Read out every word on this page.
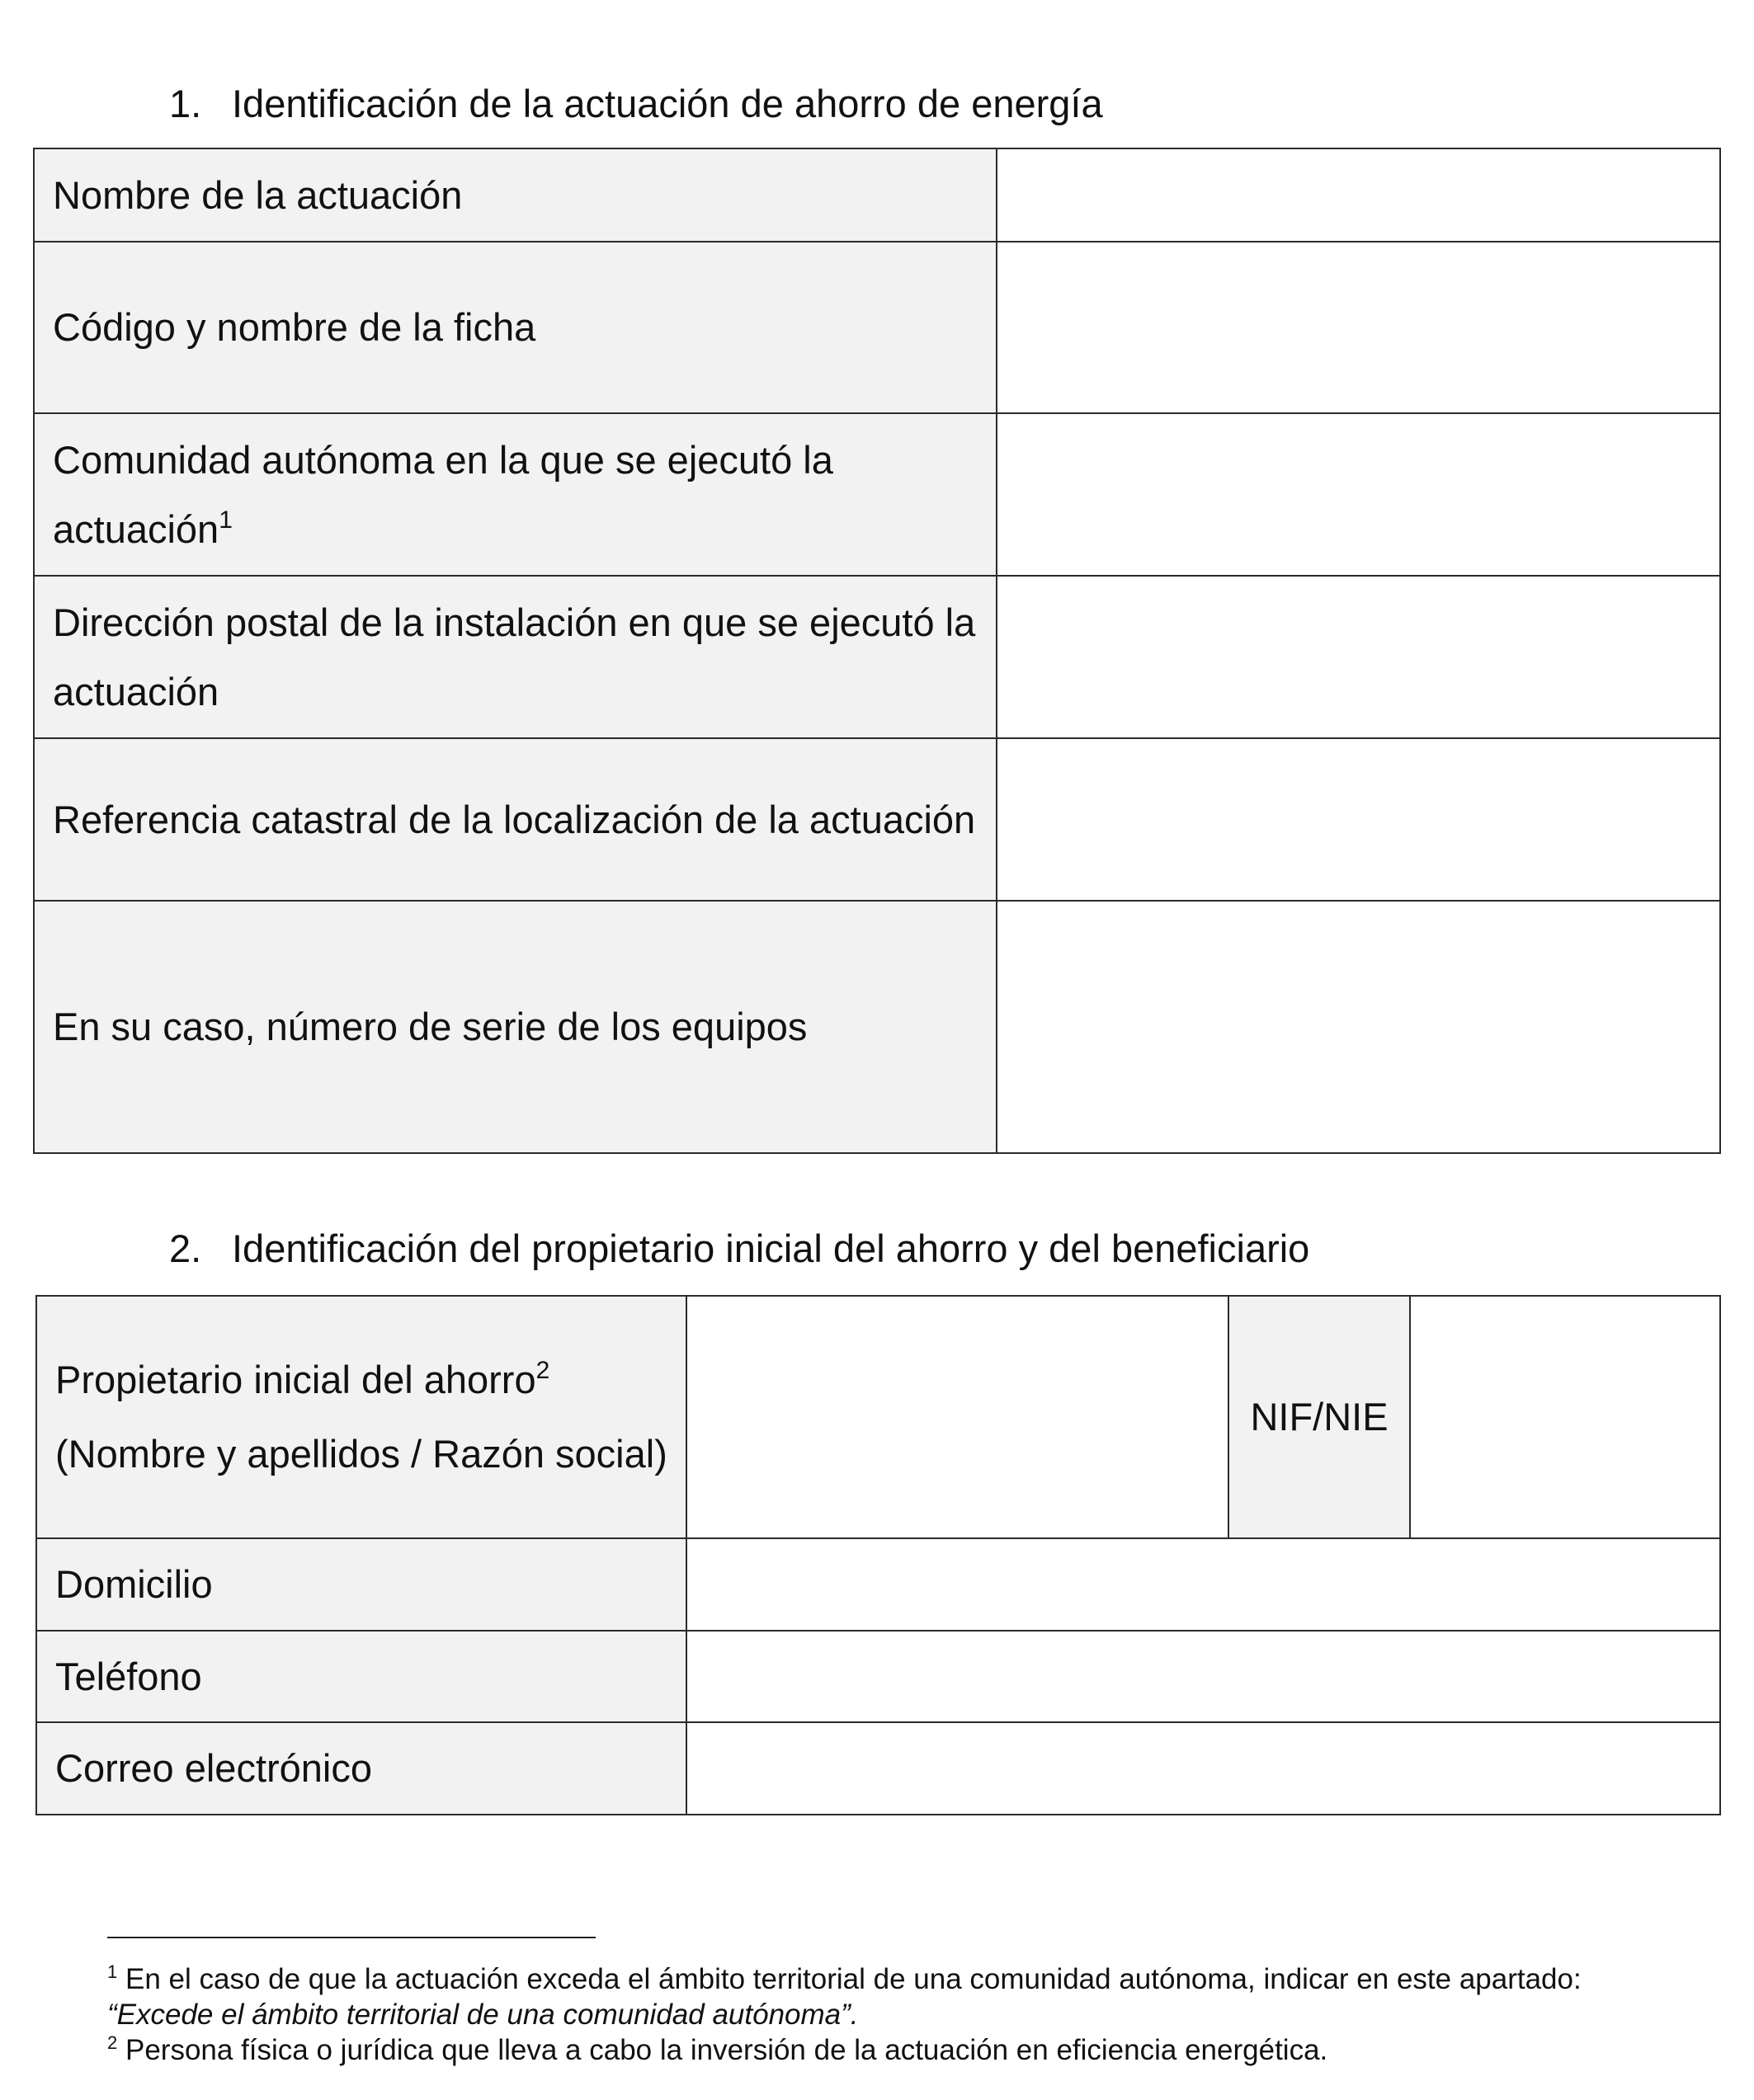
1. Identificación de la actuación de ahorro de energía
Nombre de la actuación	
Código y nombre de la ficha	
Comunidad autónoma en la que se ejecutó la actuación$^1$	
Dirección postal de la instalación en que se ejecutó la actuación	
Referencia catastral de la localización de la actuación	
En su caso, número de serie de los equipos	
2. Identificación del propietario inicial del ahorro y del beneficiario
Propietario inicial del ahorro$^2$
(Nombre y apellidos / Razón social)		NIF/NIE	
Domicilio			
Teléfono			
Correo electrónico			

$^1$ En el caso de que la actuación exceda el ámbito territorial de una comunidad autónoma, indicar en este apartado: “Excede el ámbito territorial de una comunidad autónoma”.

$^2$ Persona física o jurídica que lleva a cabo la inversión de la actuación en eficiencia energética.
